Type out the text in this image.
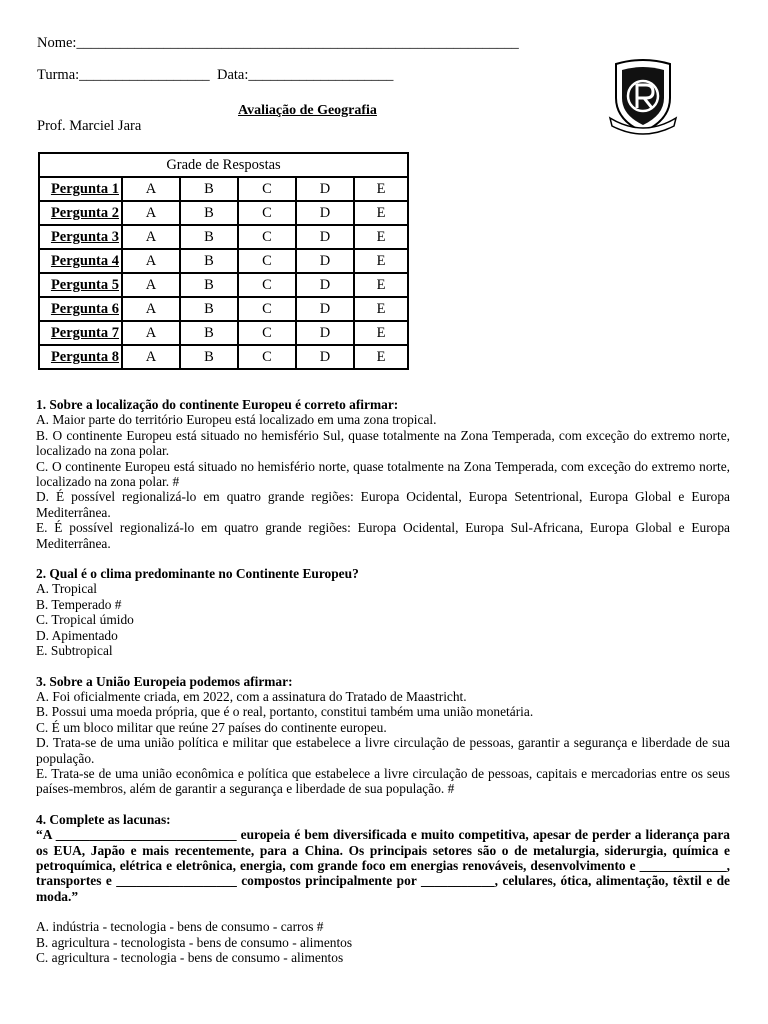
Nome:_____________________________________________________________
Turma:__________________ Data:____________________
Avaliação de Geografia
Prof. Marciel Jara
Grade de Respostas					
Pergunta 1	A	B	C	D	E
Pergunta 2	A	B	C	D	E
Pergunta 3	A	B	C	D	E
Pergunta 4	A	B	C	D	E
Pergunta 5	A	B	C	D	E
Pergunta 6	A	B	C	D	E
Pergunta 7	A	B	C	D	E
Pergunta 8	A	B	C	D	E
1. Sobre a localização do continente Europeu é correto afirmar:
A. Maior parte do território Europeu está localizado em uma zona tropical.
B. O continente Europeu está situado no hemisfério Sul, quase totalmente na Zona Temperada, com exceção do extremo norte, localizado na zona polar.
C. O continente Europeu está situado no hemisfério norte, quase totalmente na Zona Temperada, com exceção do extremo norte, localizado na zona polar. #
D. É possível regionalizá-lo em quatro grande regiões: Europa Ocidental, Europa Setentrional, Europa Global e Europa Mediterrânea.
E. É possível regionalizá-lo em quatro grande regiões: Europa Ocidental, Europa Sul-Africana, Europa Global e Europa Mediterrânea.
2. Qual é o clima predominante no Continente Europeu?
A. Tropical
B. Temperado #
C. Tropical úmido
D. Apimentado
E. Subtropical
3. Sobre a União Europeia podemos afirmar:
A. Foi oficialmente criada, em 2022, com a assinatura do Tratado de Maastricht.
B. Possui uma moeda própria, que é o real, portanto, constitui também uma união monetária.
C. É um bloco militar que reúne 27 países do continente europeu.
D. Trata-se de uma união política e militar que estabelece a livre circulação de pessoas, garantir a segurança e liberdade de sua população.
E. Trata-se de uma união econômica e política que estabelece a livre circulação de pessoas, capitais e mercadorias entre os seus países-membros, além de garantir a segurança e liberdade de sua população. #
4. Complete as lacunas:
“A ___________________________ europeia é bem diversificada e muito competitiva, apesar de perder a liderança para os EUA, Japão e mais recentemente, para a China. Os principais setores são o de metalurgia, siderurgia, química e petroquímica, elétrica e eletrônica, energia, com grande foco em energias renováveis, desenvolvimento e _____________, transportes e __________________ compostos principalmente por ___________, celulares, ótica, alimentação, têxtil e de moda.”
A. indústria - tecnologia - bens de consumo - carros #
B. agricultura - tecnologista - bens de consumo - alimentos
C. agricultura - tecnologia - bens de consumo - alimentos
